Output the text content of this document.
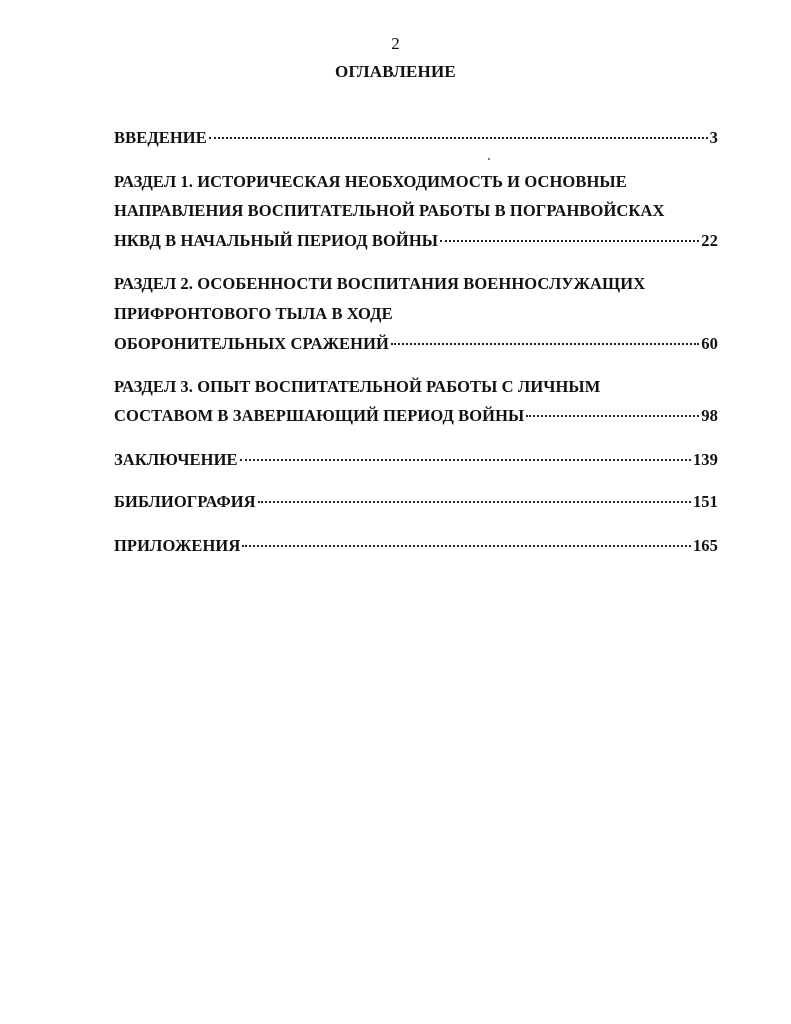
2
ОГЛАВЛЕНИЕ
ВВЕДЕНИЕ	3
РАЗДЕЛ 1. ИСТОРИЧЕСКАЯ НЕОБХОДИМОСТЬ И ОСНОВНЫЕ
НАПРАВЛЕНИЯ ВОСПИТАТЕЛЬНОЙ РАБОТЫ В ПОГРАНВОЙСКАХ
НКВД В НАЧАЛЬНЫЙ ПЕРИОД ВОЙНЫ	22
РАЗДЕЛ 2. ОСОБЕННОСТИ ВОСПИТАНИЯ ВОЕННОСЛУЖАЩИХ
ПРИФРОНТОВОГО ТЫЛА В ХОДЕ
ОБОРОНИТЕЛЬНЫХ СРАЖЕНИЙ	60
РАЗДЕЛ 3. ОПЫТ ВОСПИТАТЕЛЬНОЙ РАБОТЫ С ЛИЧНЫМ
СОСТАВОМ В ЗАВЕРШАЮЩИЙ ПЕРИОД ВОЙНЫ	98
ЗАКЛЮЧЕНИЕ	139
БИБЛИОГРАФИЯ	151
ПРИЛОЖЕНИЯ	165
